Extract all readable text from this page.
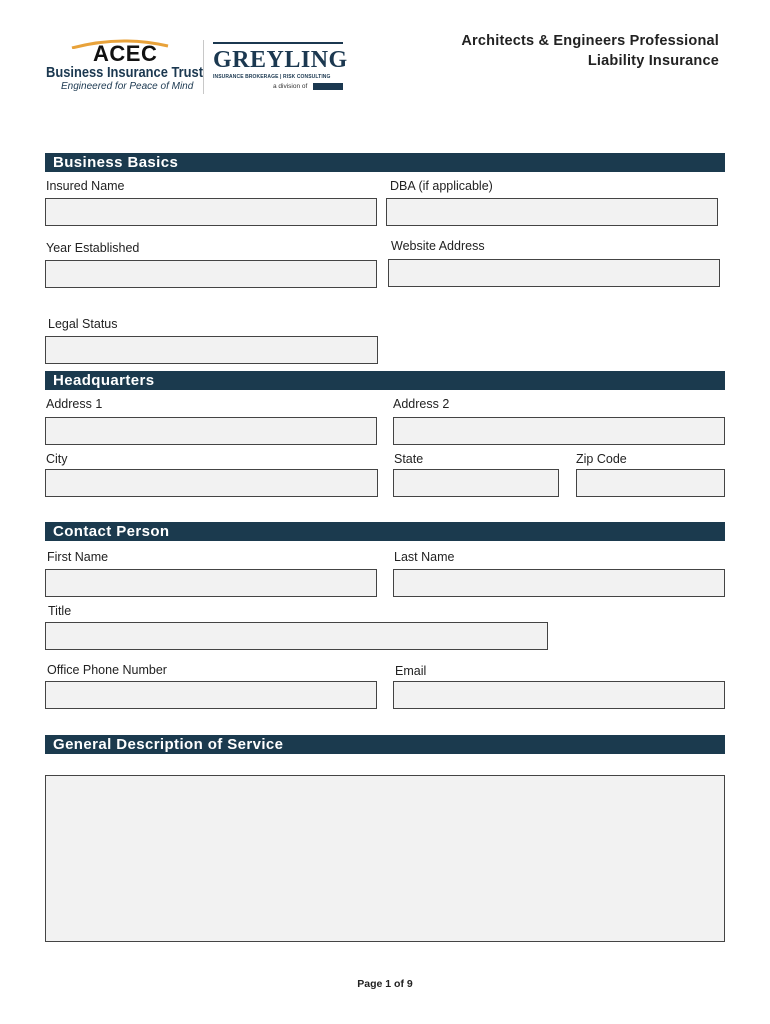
ACEC
Business Insurance Trust
Engineered for Peace of Mind
GREYLING
INSURANCE BROKERAGE | RISK CONSULTING
a division of
Architects & Engineers Professional
Liability Insurance
Business Basics
Insured Name	DBA (if applicable)
Year Established	Website Address
Legal Status
Headquarters
Address 1	Address 2
City	State	Zip Code
Contact Person
First Name	Last Name
Title
Office Phone Number	Email
General Description of Service
Page 1 of 9
